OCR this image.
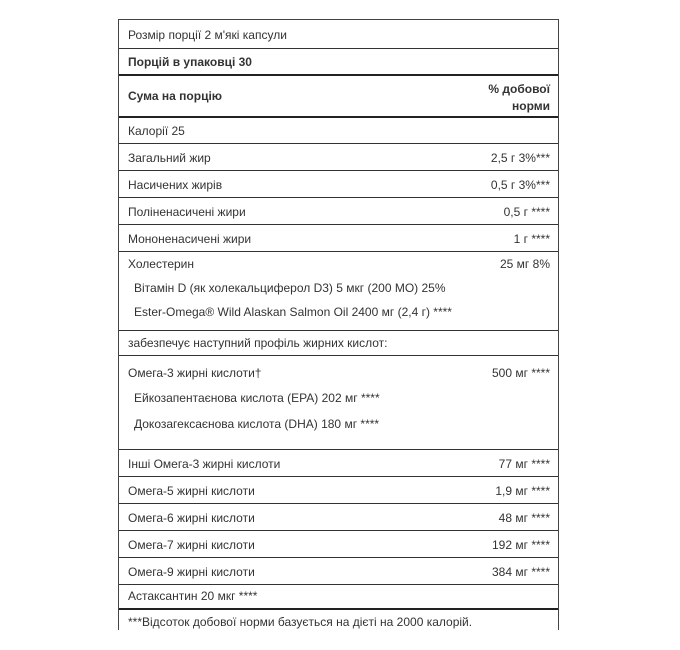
Розмір порції 2 м'які капсули
Порцій в упаковці 30
Сума на порцію	% добової
норми
Калорії 25
Загальний жир	2,5 г 3%***
Насичених жирів	0,5 г 3%***
Поліненасичені жири	0,5 г ****
Мононенасичені жири	1 г ****
Холестерин	25 мг 8%
Вітамін D (як холекальциферол D3) 5 мкг (200 МО) 25%
Ester-Omega® Wild Alaskan Salmon Oil 2400 мг (2,4 г) ****
забезпечує наступний профіль жирних кислот:
Омега-3 жирні кислоти†	500 мг ****
Ейкозапентаєнова кислота (EPA) 202 мг ****
Докозагексаєнова кислота (DHA) 180 мг ****
Інші Омега-3 жирні кислоти	77 мг ****
Омега-5 жирні кислоти	1,9 мг ****
Омега-6 жирні кислоти	48 мг ****
Омега-7 жирні кислоти	192 мг ****
Омега-9 жирні кислоти	384 мг ****
Астаксантин 20 мкг ****
***Відсоток добової норми базується на дієті на 2000 калорій.
